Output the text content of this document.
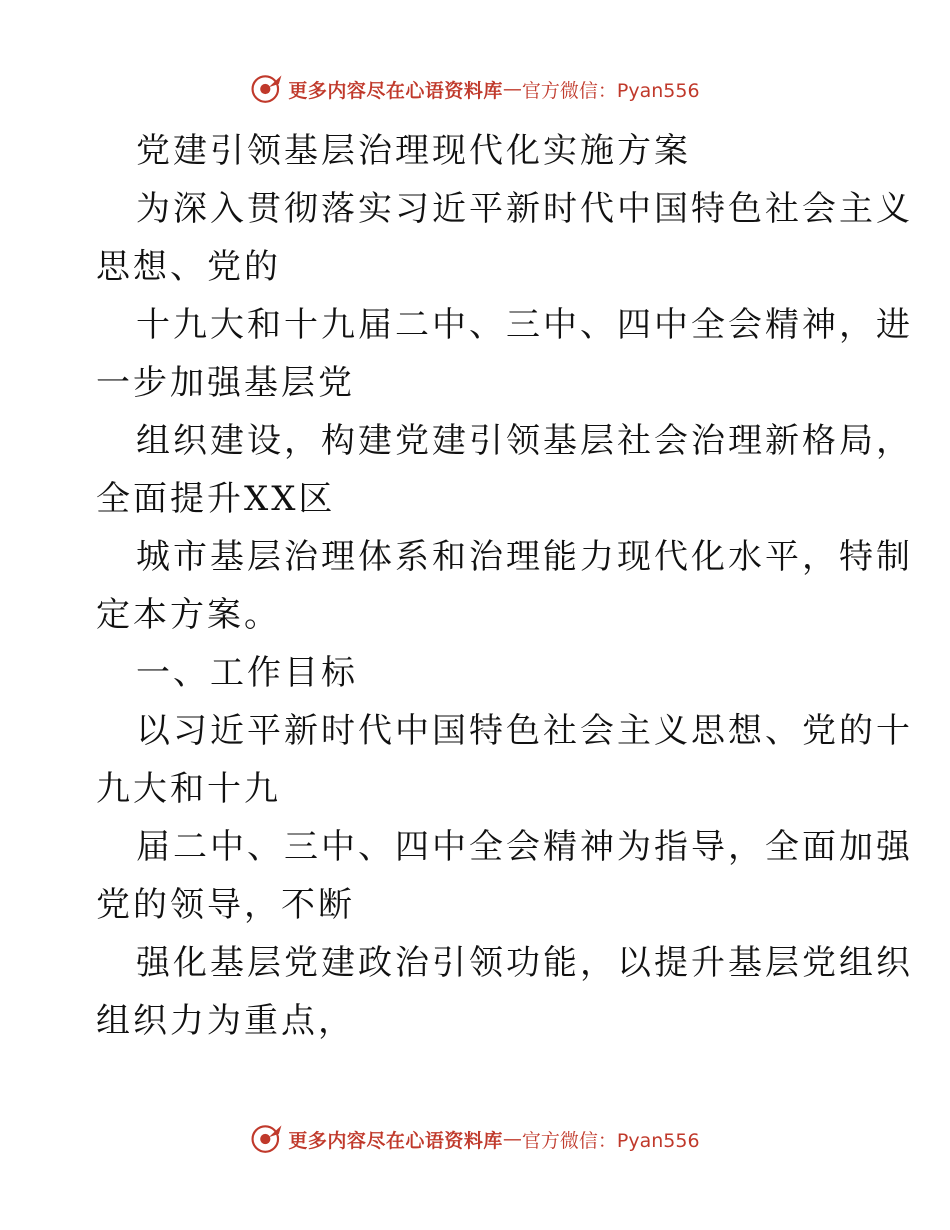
更多内容尽在心语资料库 — 官方微信：Pyan556
党建引领基层治理现代化实施方案
为深入贯彻落实习近平新时代中国特色社会主义
思想、党的
十九大和十九届二中、三中、四中全会精神，进
一步加强基层党
组织建设，构建党建引领基层社会治理新格局，
全面提升XX区
城市基层治理体系和治理能力现代化水平，特制
定本方案。
一、工作目标
以习近平新时代中国特色社会主义思想、党的十
九大和十九
届二中、三中、四中全会精神为指导，全面加强
党的领导，不断
强化基层党建政治引领功能，以提升基层党组织
组织力为重点，
更多内容尽在心语资料库 — 官方微信：Pyan556
